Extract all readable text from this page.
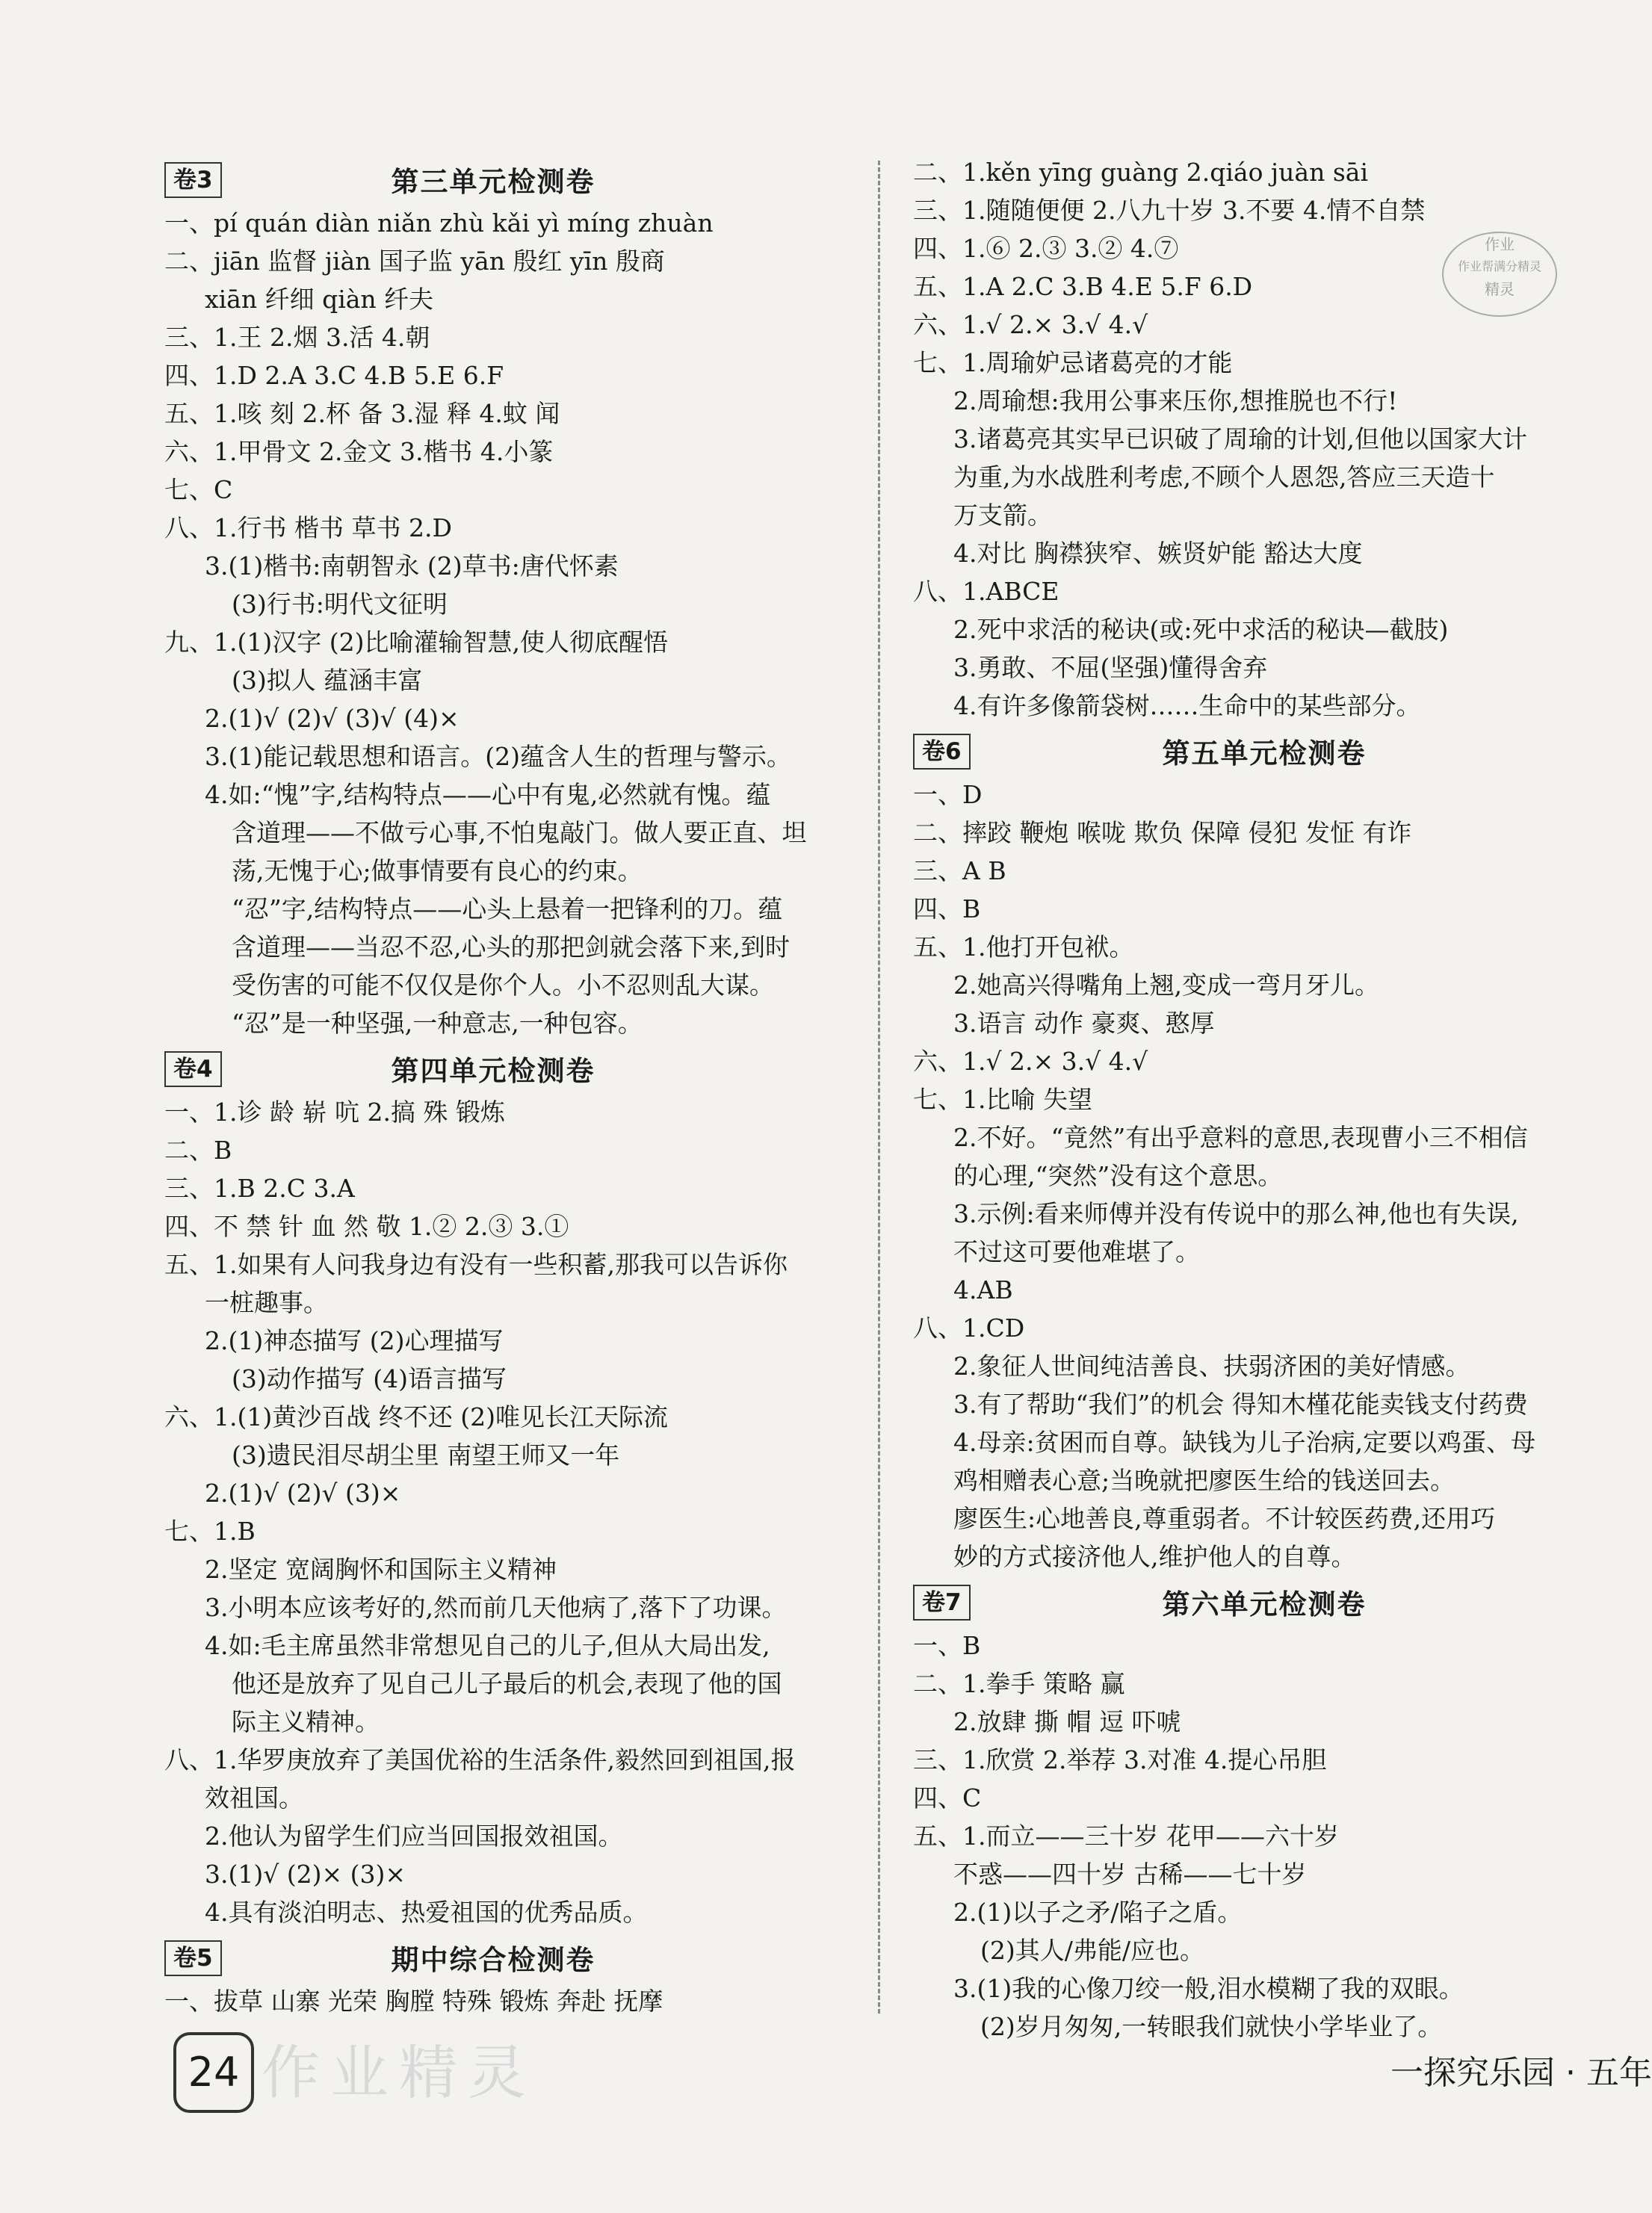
卷3	第三单元检测卷
一、pí quán diàn niǎn zhù kǎi yì míng zhuàn
二、jiān 监督 jiàn 国子监 yān 殷红 yīn 殷商
xiān 纤细 qiàn 纤夫
三、1.王 2.烟 3.活 4.朝
四、1.D 2.A 3.C 4.B 5.E 6.F
五、1.咳 刻 2.杯 备 3.湿 释 4.蚊 闻
六、1.甲骨文 2.金文 3.楷书 4.小篆
七、C
八、1.行书 楷书 草书 2.D
3.(1)楷书:南朝智永 (2)草书:唐代怀素
(3)行书:明代文征明
九、1.(1)汉字 (2)比喻灌输智慧,使人彻底醒悟
(3)拟人 蕴涵丰富
2.(1)√ (2)√ (3)√ (4)×
3.(1)能记载思想和语言。(2)蕴含人生的哲理与警示。
4.如:“愧”字,结构特点——心中有鬼,必然就有愧。蕴
含道理——不做亏心事,不怕鬼敲门。做人要正直、坦
荡,无愧于心;做事情要有良心的约束。
“忍”字,结构特点——心头上悬着一把锋利的刀。蕴
含道理——当忍不忍,心头的那把剑就会落下来,到时
受伤害的可能不仅仅是你个人。小不忍则乱大谋。
“忍”是一种坚强,一种意志,一种包容。
卷4	第四单元检测卷
一、1.诊 龄 崭 吭 2.搞 殊 锻炼
二、B
三、1.B 2.C 3.A
四、不 禁 针 血 然 敬 1.② 2.③ 3.①
五、1.如果有人问我身边有没有一些积蓄,那我可以告诉你
一桩趣事。
2.(1)神态描写 (2)心理描写
(3)动作描写 (4)语言描写
六、1.(1)黄沙百战 终不还 (2)唯见长江天际流
(3)遗民泪尽胡尘里 南望王师又一年
2.(1)√ (2)√ (3)×
七、1.B
2.坚定 宽阔胸怀和国际主义精神
3.小明本应该考好的,然而前几天他病了,落下了功课。
4.如:毛主席虽然非常想见自己的儿子,但从大局出发,
他还是放弃了见自己儿子最后的机会,表现了他的国
际主义精神。
八、1.华罗庚放弃了美国优裕的生活条件,毅然回到祖国,报
效祖国。
2.他认为留学生们应当回国报效祖国。
3.(1)√ (2)× (3)×
4.具有淡泊明志、热爱祖国的优秀品质。
卷5	期中综合检测卷
一、拔草 山寨 光荣 胸膛 特殊 锻炼 奔赴 抚摩
二、1.kěn yīng guàng 2.qiáo juàn sāi
三、1.随随便便 2.八九十岁 3.不要 4.情不自禁
四、1.⑥ 2.③ 3.② 4.⑦
五、1.A 2.C 3.B 4.E 5.F 6.D
六、1.√ 2.× 3.√ 4.√
七、1.周瑜妒忌诸葛亮的才能
2.周瑜想:我用公事来压你,想推脱也不行!
3.诸葛亮其实早已识破了周瑜的计划,但他以国家大计
为重,为水战胜利考虑,不顾个人恩怨,答应三天造十
万支箭。
4.对比 胸襟狭窄、嫉贤妒能 豁达大度
八、1.ABCE
2.死中求活的秘诀(或:死中求活的秘诀—截肢)
3.勇敢、不屈(坚强)懂得舍弃
4.有许多像箭袋树……生命中的某些部分。
卷6	第五单元检测卷
一、D
二、摔跤 鞭炮 喉咙 欺负 保障 侵犯 发怔 有诈
三、A B
四、B
五、1.他打开包袱。
2.她高兴得嘴角上翘,变成一弯月牙儿。
3.语言 动作 豪爽、憨厚
六、1.√ 2.× 3.√ 4.√
七、1.比喻 失望
2.不好。“竟然”有出乎意料的意思,表现曹小三不相信
的心理,“突然”没有这个意思。
3.示例:看来师傅并没有传说中的那么神,他也有失误,
不过这可要他难堪了。
4.AB
八、1.CD
2.象征人世间纯洁善良、扶弱济困的美好情感。
3.有了帮助“我们”的机会 得知木槿花能卖钱支付药费
4.母亲:贫困而自尊。缺钱为儿子治病,定要以鸡蛋、母
鸡相赠表心意;当晚就把廖医生给的钱送回去。
廖医生:心地善良,尊重弱者。不计较医药费,还用巧
妙的方式接济他人,维护他人的自尊。
卷7	第六单元检测卷
一、B
二、1.拳手 策略 赢
2.放肆 撕 帽 逗 吓唬
三、1.欣赏 2.举荐 3.对准 4.提心吊胆
四、C
五、1.而立——三十岁 花甲——六十岁
不惑——四十岁 古稀——七十岁
2.(1)以子之矛/陷子之盾。
(2)其人/弗能/应也。
3.(1)我的心像刀绞一般,泪水模糊了我的双眼。
(2)岁月匆匆,一转眼我们就快小学毕业了。
作业
作业帮满分精灵
精灵
24 作业精灵	一探究乐园 · 五年
